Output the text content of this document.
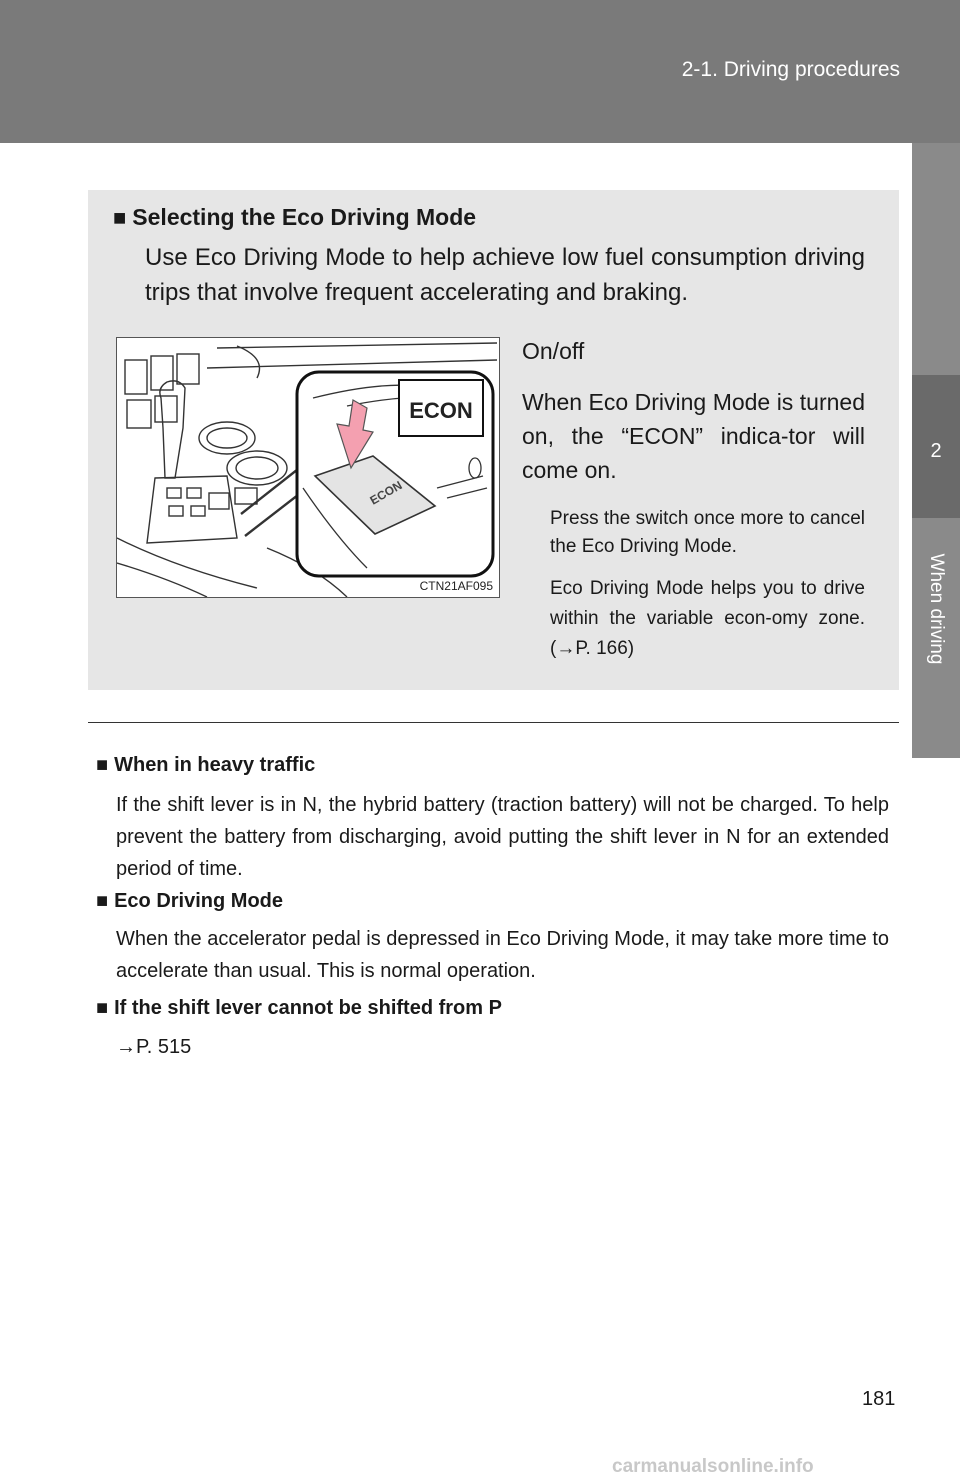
2-1. Driving procedures
2
When driving
■ Selecting the Eco Driving Mode
Use Eco Driving Mode to help achieve low fuel consumption driving trips that involve frequent accelerating and braking.
ECON
ECON
CTN21AF095
On/off
When Eco Driving Mode is turned on, the “ECON” indica-tor will come on.
Press the switch once more to cancel the Eco Driving Mode.
Eco Driving Mode helps you to drive within the variable econ-omy zone. (→P. 166)
■ When in heavy traffic
If the shift lever is in N, the hybrid battery (traction battery) will not be charged. To help prevent the battery from discharging, avoid putting the shift lever in N for an extended period of time.
■ Eco Driving Mode
When the accelerator pedal is depressed in Eco Driving Mode, it may take more time to accelerate than usual. This is normal operation.
■ If the shift lever cannot be shifted from P
→P. 515
181
carmanualsonline.info
